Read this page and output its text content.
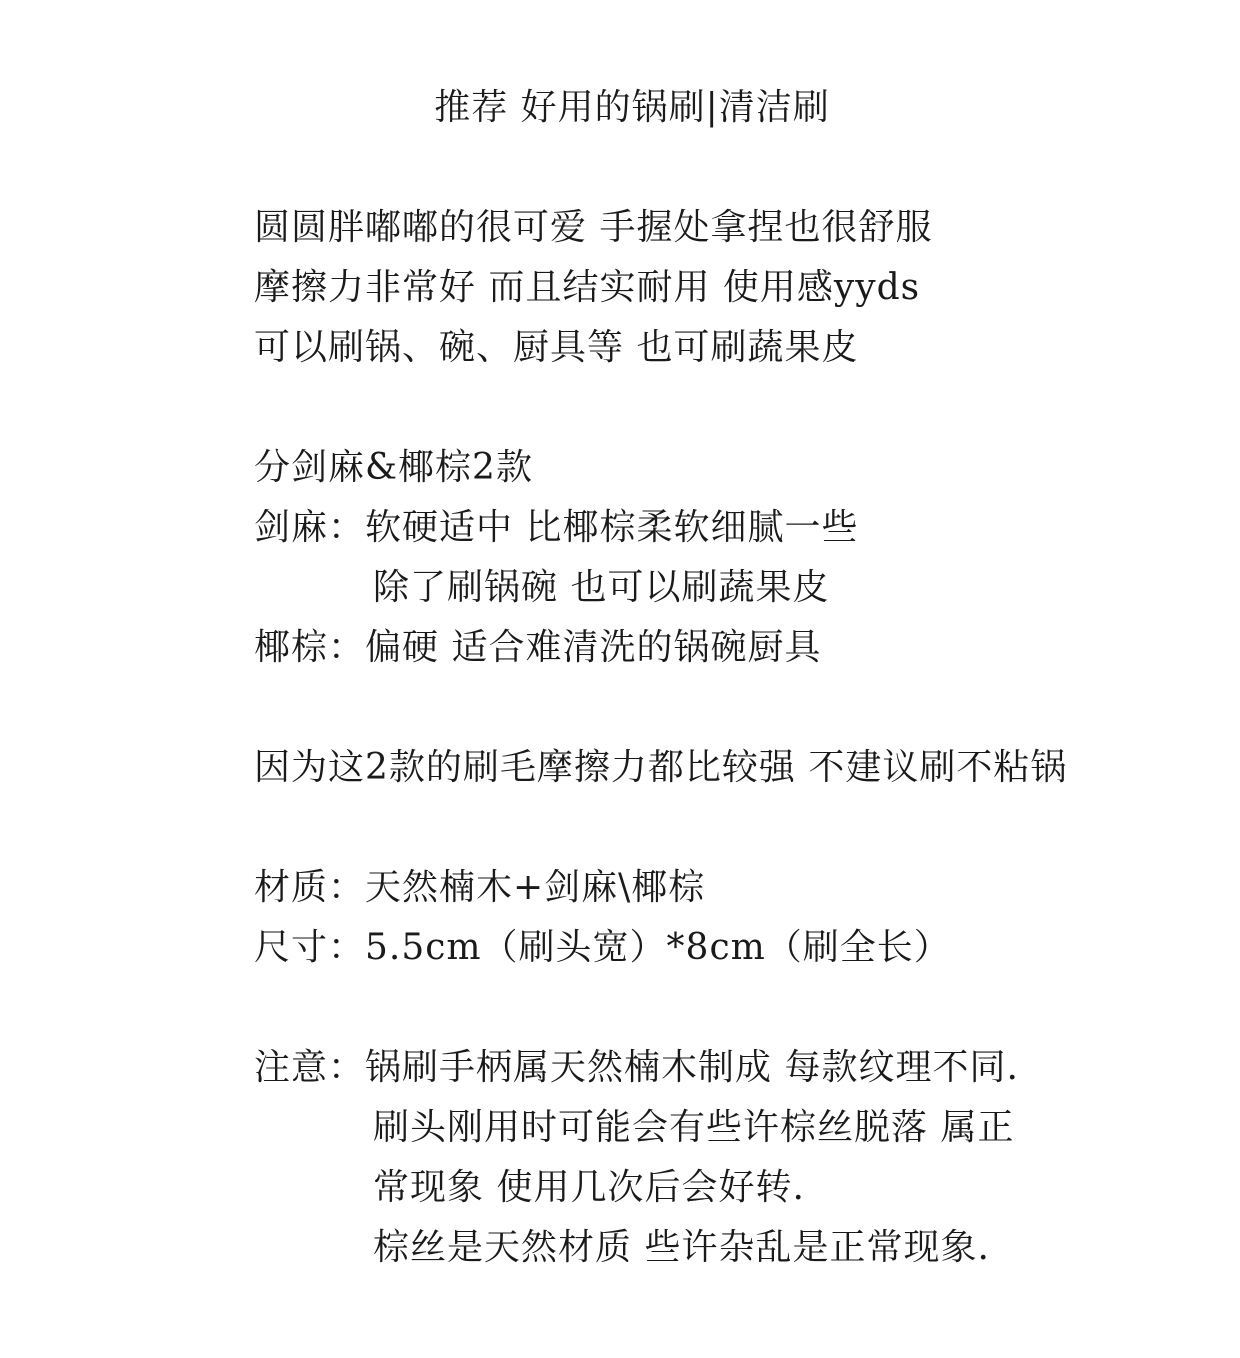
推荐 好用的锅刷|清洁刷
圆圆胖嘟嘟的很可爱 手握处拿捏也很舒服
摩擦力非常好 而且结实耐用 使用感yyds
可以刷锅、碗、厨具等 也可刷蔬果皮
分剑麻&椰棕2款
剑麻：软硬适中 比椰棕柔软细腻一些
除了刷锅碗 也可以刷蔬果皮
椰棕：偏硬 适合难清洗的锅碗厨具
因为这2款的刷毛摩擦力都比较强 不建议刷不粘锅
材质：天然楠木+剑麻\椰棕
尺寸：5.5cm（刷头宽）*8cm（刷全长）
注意：锅刷手柄属天然楠木制成 每款纹理不同.
刷头刚用时可能会有些许棕丝脱落 属正
常现象 使用几次后会好转.
棕丝是天然材质 些许杂乱是正常现象.
